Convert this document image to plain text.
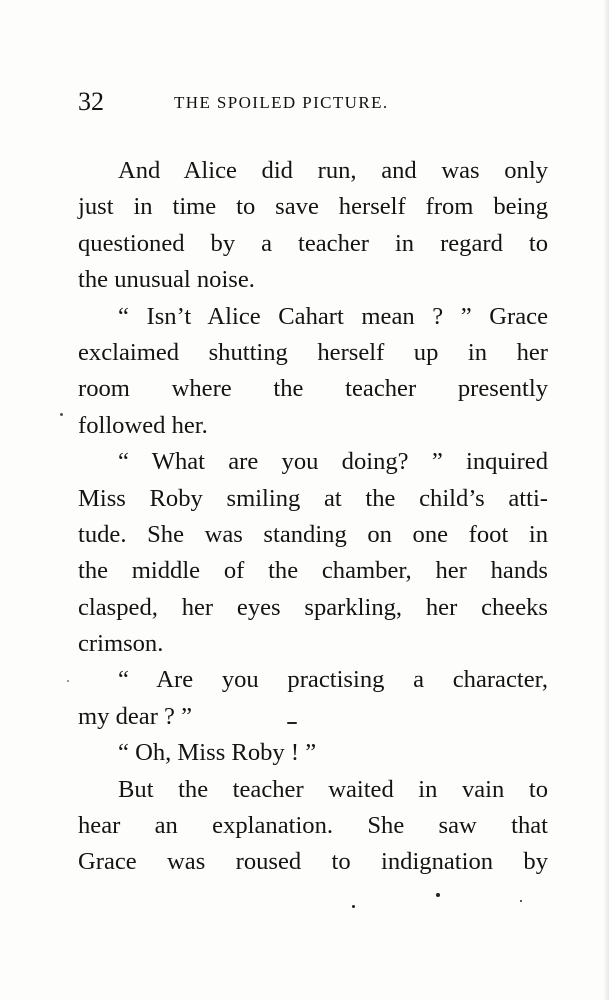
32	THE SPOILED PICTURE.
And Alice did run, and was only
just in time to save herself from being
questioned by a teacher in regard to
the unusual noise.
“ Isn’t Alice Cahart mean ? ” Grace
exclaimed shutting herself up in her
room where the teacher presently
followed her.
“ What are you doing? ” inquired
Miss Roby smiling at the child’s atti-
tude. She was standing on one foot in
the middle of the chamber, her hands
clasped, her eyes sparkling, her cheeks
crimson.
“ Are you practising a character,
my dear ? ”
“ Oh, Miss Roby ! ”
But the teacher waited in vain to
hear an explanation. She saw that
Grace was roused to indignation by
